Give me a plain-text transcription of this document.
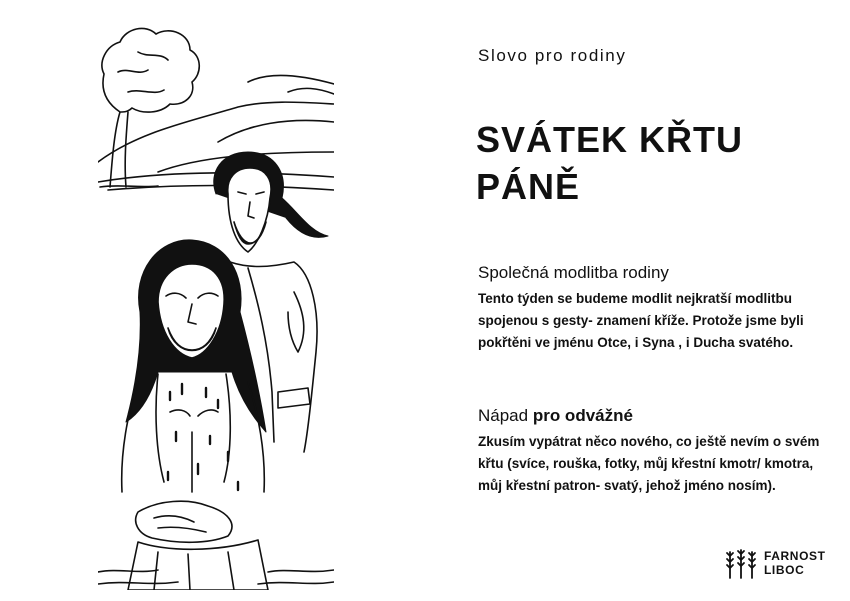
Slovo pro rodiny
SVÁTEK KŘTU PÁNĚ
Společná modlitba rodiny

Tento týden se budeme modlit nejkratší modlitbu spojenou s gesty- znamení kříže. Protože jsme byli pokřtěni ve jménu Otce, i Syna , i Ducha svatého.

Nápad pro odvážné

Zkusím vypátrat něco nového, co ještě nevím o svém křtu (svíce, rouška, fotky, můj křestní kmotr/ kmotra, můj křestní patron- svatý, jehož jméno nosím).

FARNOST
LIBOC
